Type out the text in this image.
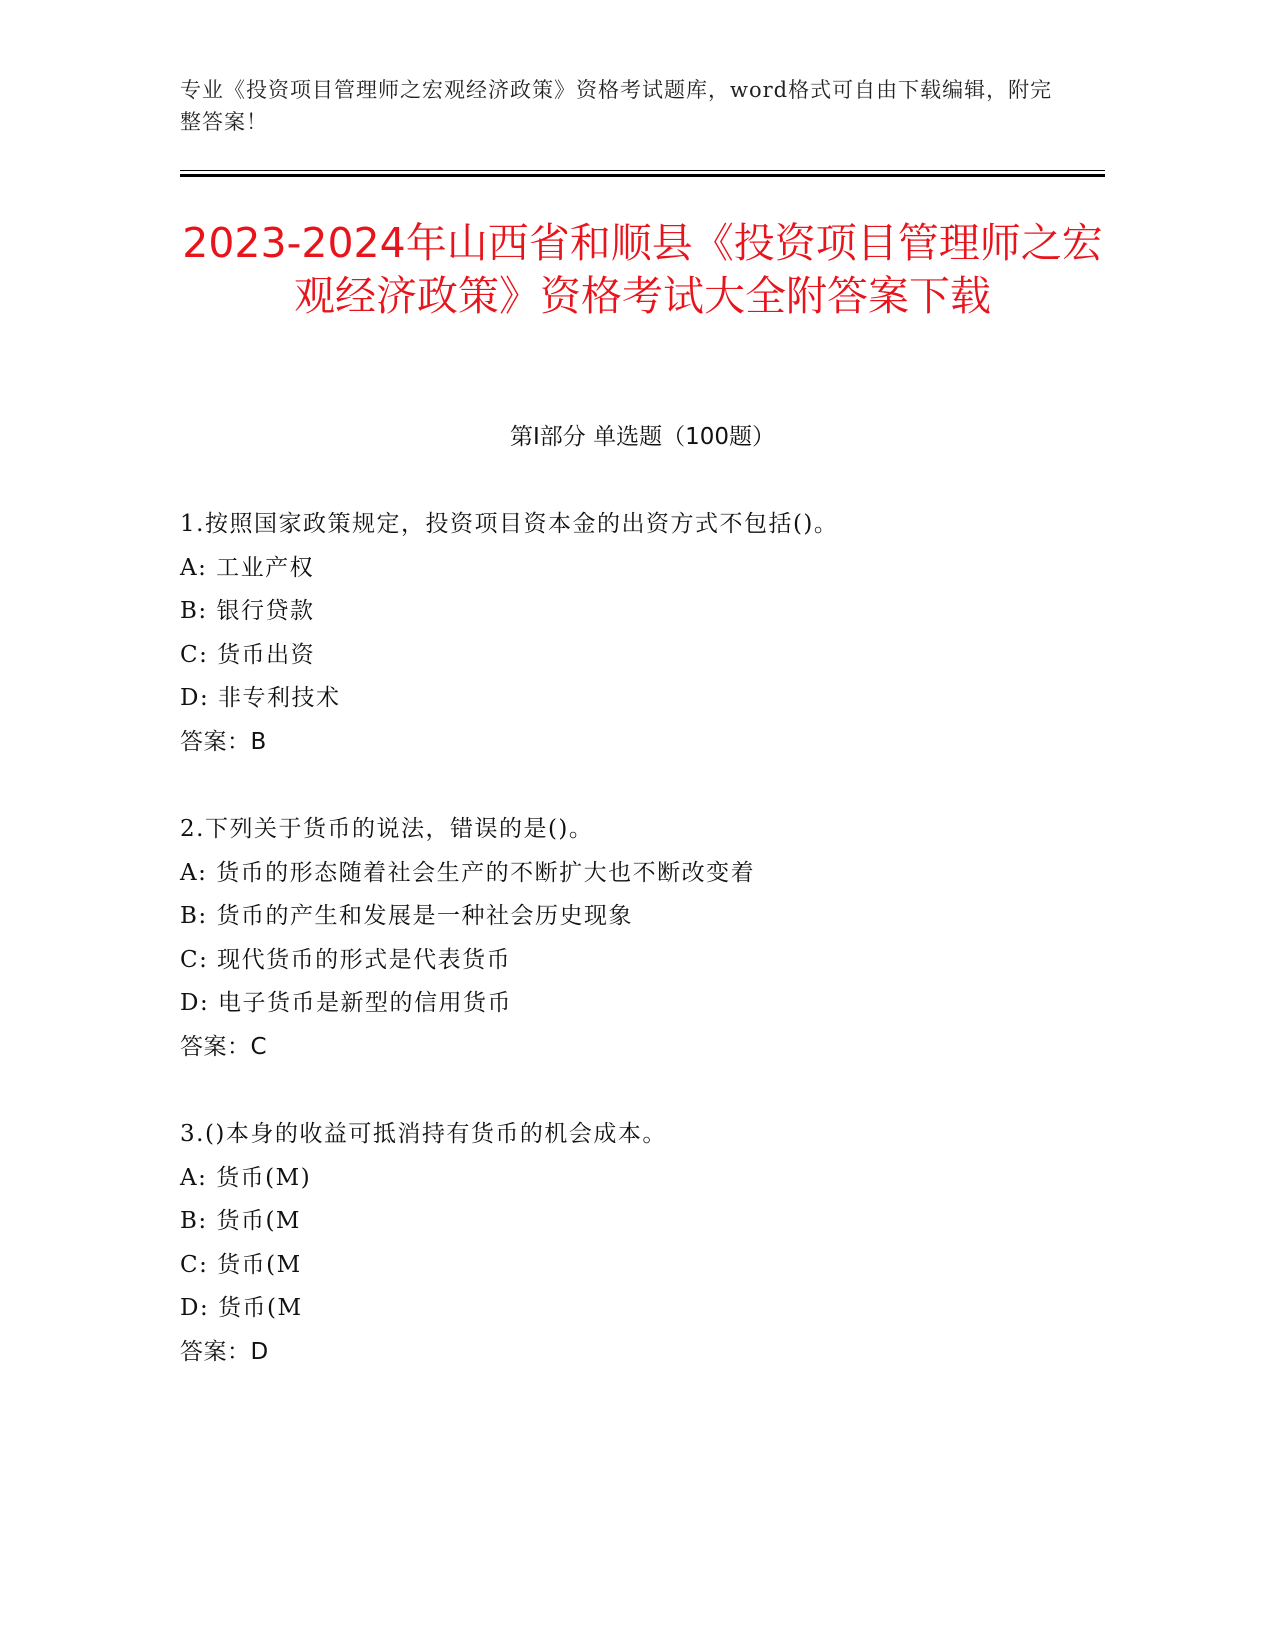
专业《投资项目管理师之宏观经济政策》资格考试题库，word格式可自由下载编辑，附完整答案！
2023-2024年山西省和顺县《投资项目管理师之宏观经济政策》资格考试大全附答案下载
第I部分 单选题（100题）
1.按照国家政策规定，投资项目资本金的出资方式不包括()。
A: 工业产权
B: 银行贷款
C: 货币出资
D: 非专利技术
答案：B
2.下列关于货币的说法，错误的是()。
A: 货币的形态随着社会生产的不断扩大也不断改变着
B: 货币的产生和发展是一种社会历史现象
C: 现代货币的形式是代表货币
D: 电子货币是新型的信用货币
答案：C
3.()本身的收益可抵消持有货币的机会成本。
A: 货币(M)
B: 货币(M
C: 货币(M
D: 货币(M
答案：D
